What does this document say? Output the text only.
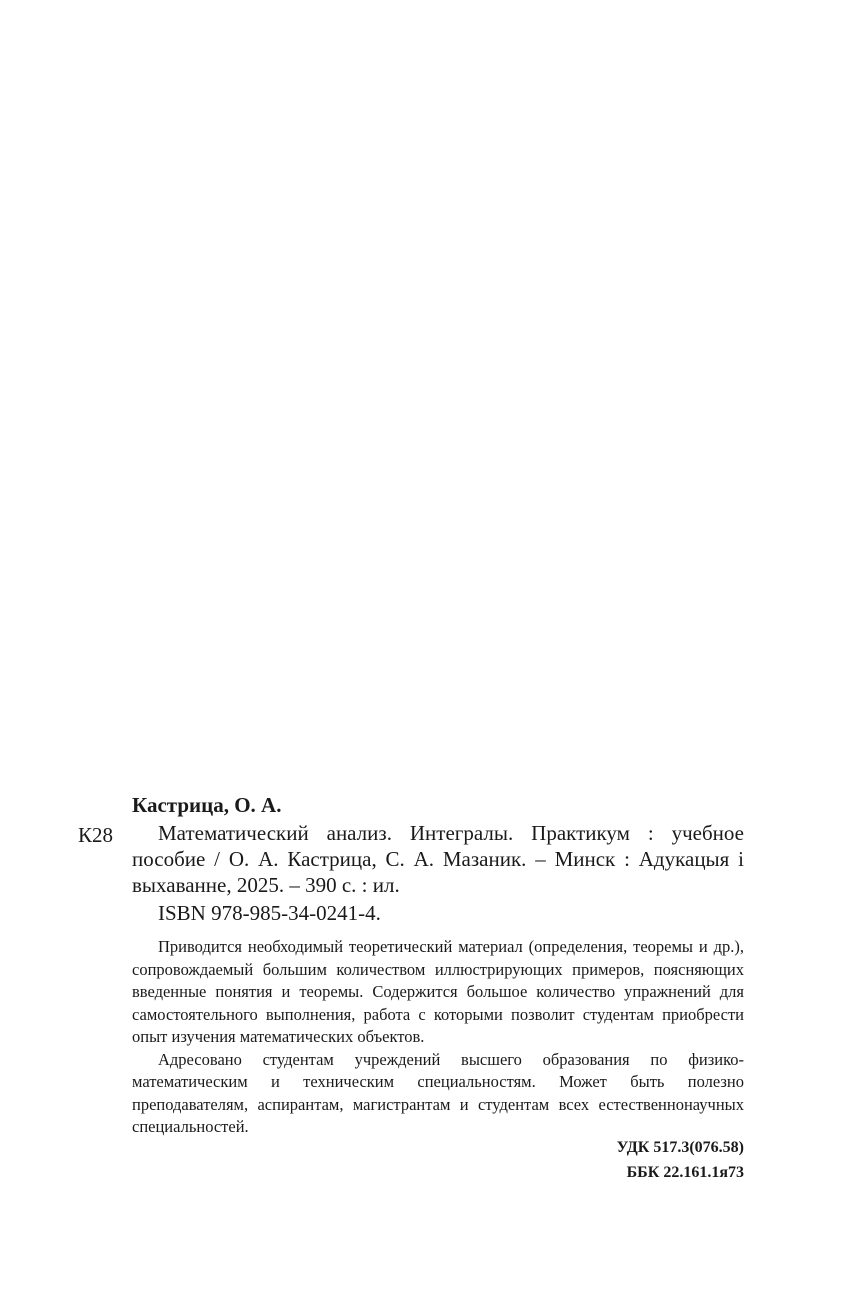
Кастрица, О. А.
К28	Математический анализ. Интегралы. Практикум : учебное пособие / О. А. Кастрица, С. А. Мазаник. – Минск : Адукацыя і выхаванне, 2025. – 390 с. : ил.
ISBN 978-985-34-0241-4.

Приводится необходимый теоретический материал (определения, теоремы и др.), сопровождаемый большим количеством иллюстрирующих примеров, поясняющих введенные понятия и теоремы. Содержится большое количество упражнений для самостоятельного выполнения, работа с которыми позволит студентам приобрести опыт изучения математических объектов.

Адресовано студентам учреждений высшего образования по физико-математическим и техническим специальностям. Может быть полезно преподавателям, аспирантам, магистрантам и студентам всех естественнонаучных специальностей.

УДК 517.3(076.58)
ББК 22.161.1я73
